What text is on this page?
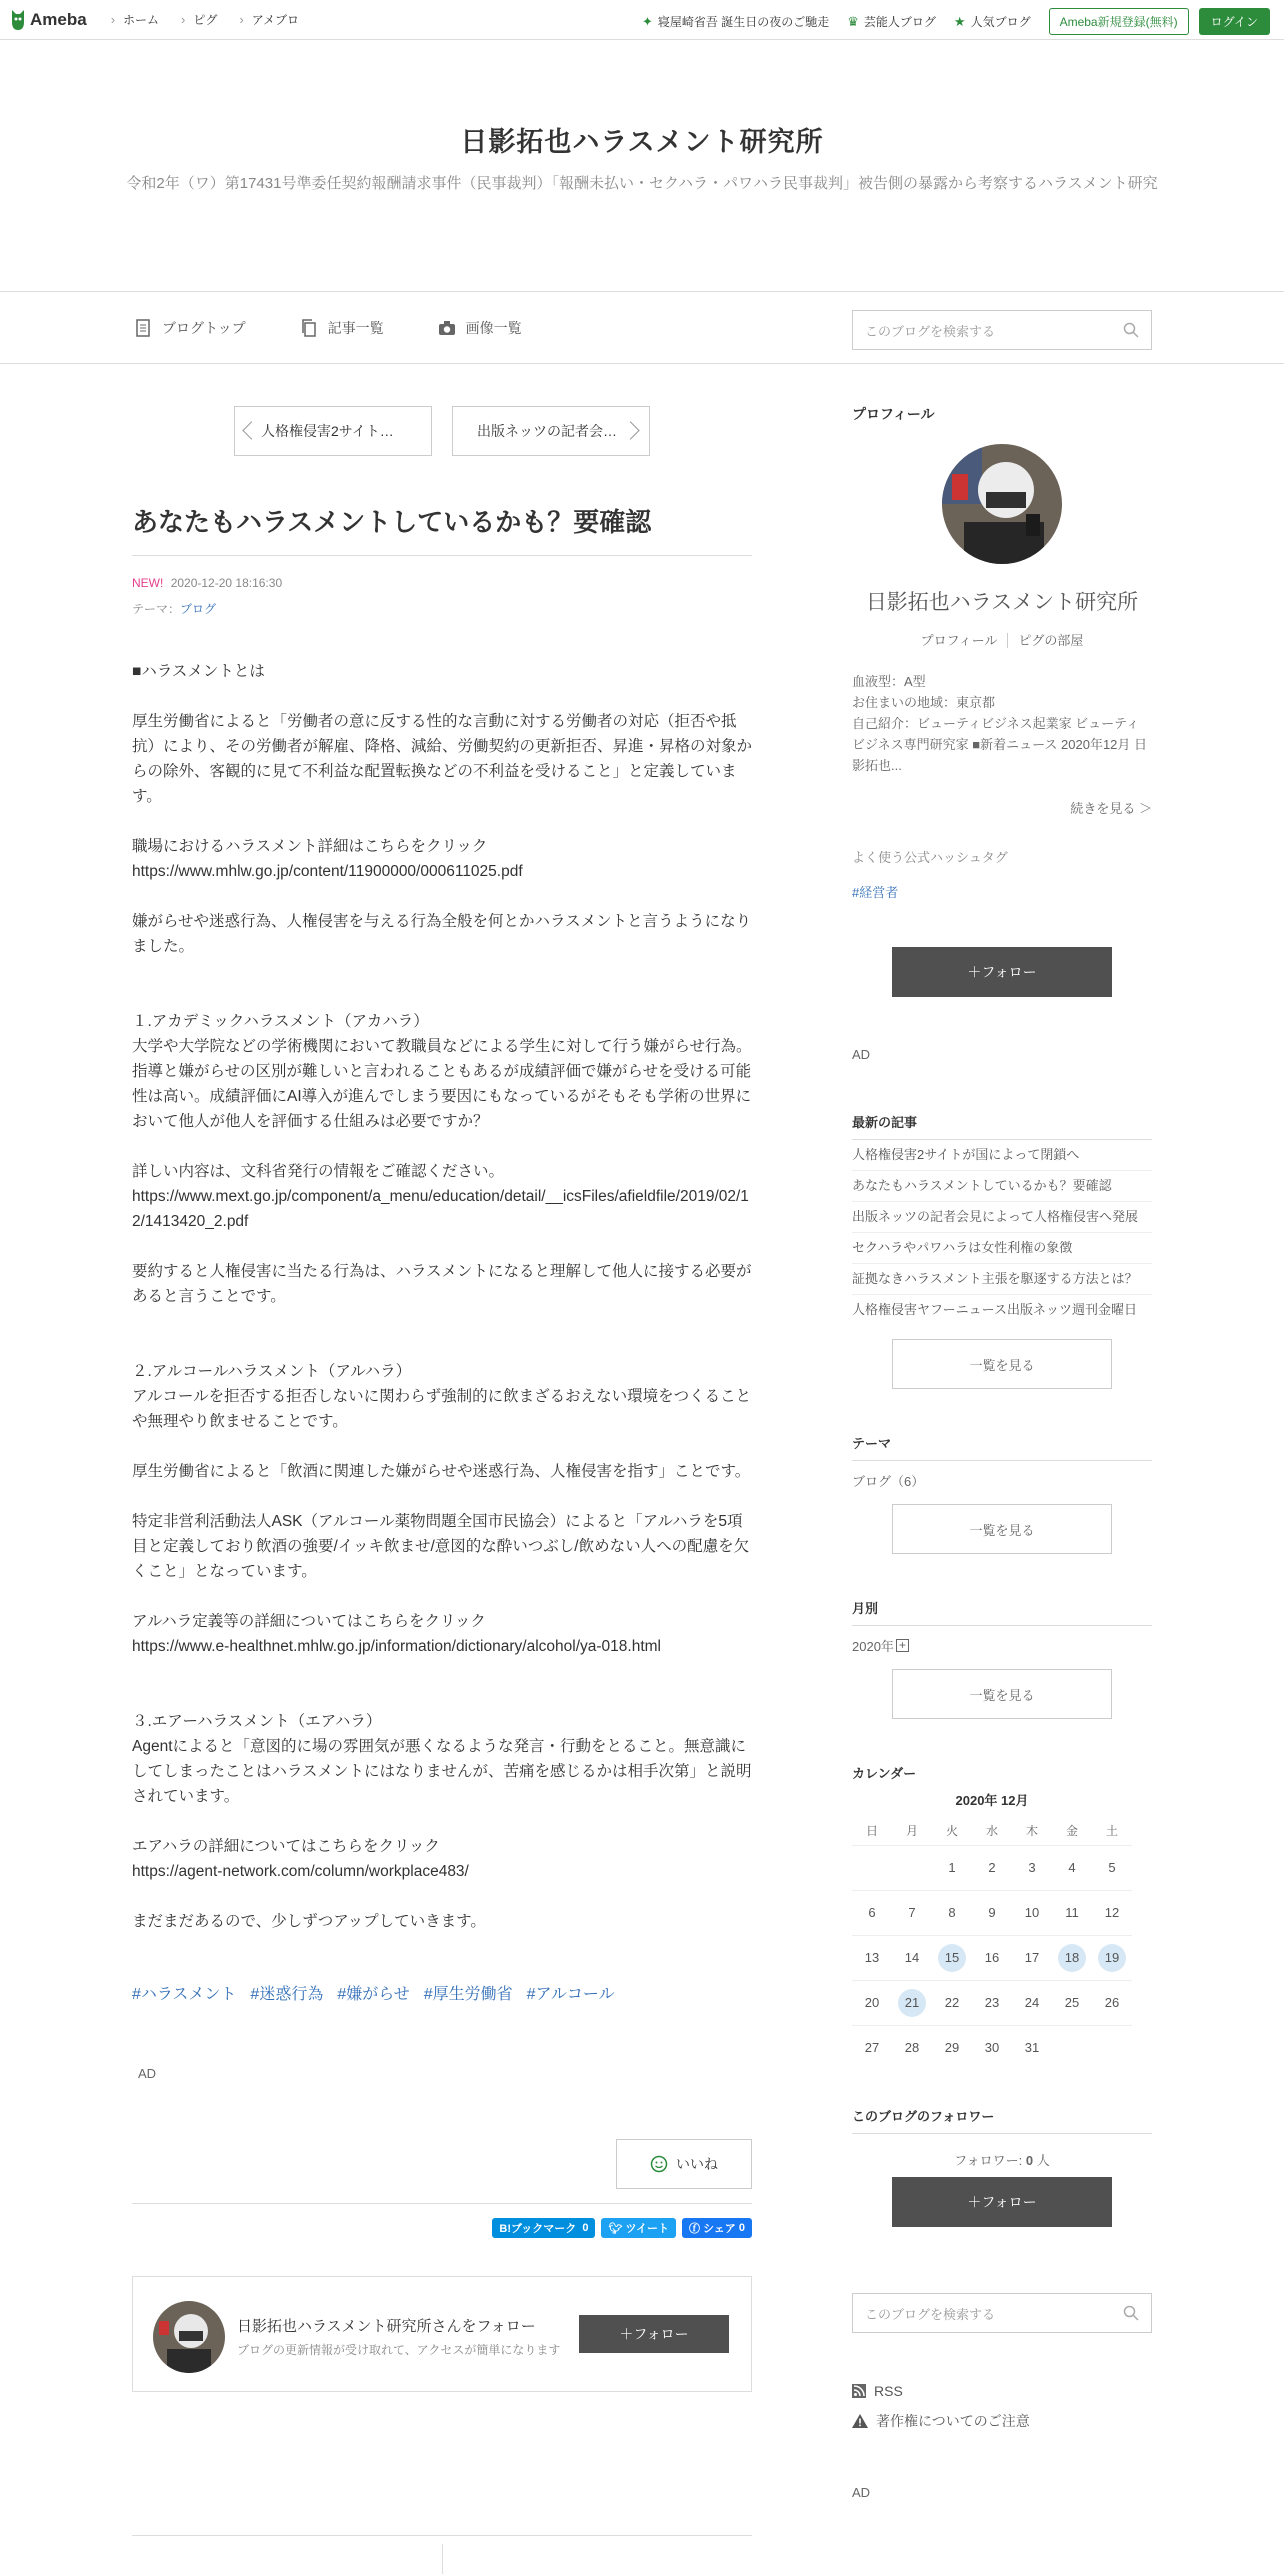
Ameba	› ホーム	› ピグ	› アメブロ	✦ 寝屋崎省吾 誕生日の夜のご馳走 ♛ 芸能人ブログ ★ 人気ブログ	Ameba新規登録(無料)	ログイン
日影拓也ハラスメント研究所

令和2年（ワ）第17431号準委任契約報酬請求事件（民事裁判）「報酬未払い・セクハラ・パワハラ民事裁判」被告側の暴露から考察するハラスメント研究

ブログトップ	記事一覧	画像一覧	このブログを検索する
人格権侵害2サイト…	出版ネッツの記者会…
あなたもハラスメントしているかも？要確認
NEW! 2020-12-20 18:16:30
テーマ：ブログ

■ハラスメントとは

厚生労働省によると「労働者の意に反する性的な言動に対する労働者の対応（拒否や抵抗）により、その労働者が解雇、降格、減給、労働契約の更新拒否、昇進・昇格の対象からの除外、客観的に見て不利益な配置転換などの不利益を受けること」と定義しています。

職場におけるハラスメント詳細はこちらをクリック
https://www.mhlw.go.jp/content/11900000/000611025.pdf

嫌がらせや迷惑行為、人権侵害を与える行為全般を何とかハラスメントと言うようになりました。

１.アカデミックハラスメント（アカハラ）
大学や大学院などの学術機関において教職員などによる学生に対して行う嫌がらせ行為。指導と嫌がらせの区別が難しいと言われることもあるが成績評価で嫌がらせを受ける可能性は高い。成績評価にAI導入が進んでしまう要因にもなっているがそもそも学術の世界において他人が他人を評価する仕組みは必要ですか？

詳しい内容は、文科省発行の情報をご確認ください。
https://www.mext.go.jp/component/a_menu/education/detail/__icsFiles/afieldfile/2019/02/12/1413420_2.pdf

要約すると人権侵害に当たる行為は、ハラスメントになると理解して他人に接する必要があると言うことです。

２.アルコールハラスメント（アルハラ）
アルコールを拒否する拒否しないに関わらず強制的に飲まざるおえない環境をつくることや無理やり飲ませることです。

厚生労働省によると「飲酒に関連した嫌がらせや迷惑行為、人権侵害を指す」ことです。

特定非営利活動法人ASK（アルコール薬物問題全国市民協会）によると「アルハラを5項目と定義しており飲酒の強要/イッキ飲ませ/意図的な酔いつぶし/飲めない人への配慮を欠くこと」となっています。

アルハラ定義等の詳細についてはこちらをクリック
https://www.e-healthnet.mhlw.go.jp/information/dictionary/alcohol/ya-018.html

３.エアーハラスメント（エアハラ）
Agentによると「意図的に場の雰囲気が悪くなるような発言・行動をとること。無意識にしてしまったことはハラスメントにはなりませんが、苦痛を感じるかは相手次第」と説明されています。

エアハラの詳細についてはこちらをクリック
https://agent-network.com/column/workplace483/

まだまだあるので、少しずつアップしていきます。

#ハラスメント #迷惑行為 #嫌がらせ #厚生労働省 #アルコール
AD
いいね
B!ブックマーク
0 🐦︎
ツイート ⓕ
シェア
0
日影拓也ハラスメント研究所さんをフォロー
ブログの更新情報が受け取れて、アクセスが簡単になります
＋ フォロー
プロフィール
日影拓也ハラスメント研究所
プロフィール ピグの部屋
血液型：A型
お住まいの地域：東京都
自己紹介：ビューティビジネス起業家 ビューティビジネス専門研究家 ■新着ニュース 2020年12月 日影拓也...
続きを見る ＞
よく使う公式ハッシュタグ
#経営者
＋ フォロー
AD
最新の記事
人格権侵害2サイトが国によって閉鎖へ
あなたもハラスメントしているかも？要確認
出版ネッツの記者会見によって人格権侵害へ発展
セクハラやパワハラは女性利権の象徴
証拠なきハラスメント主張を駆逐する方法とは？
人格権侵害ヤフーニュース出版ネッツ週刊金曜日
一覧を見る
テーマ
ブログ（6）
一覧を見る
月別
2020年 +
一覧を見る
カレンダー
2020年 12月
日	月	火	水	木	金	土
		1	2	3	4	5
6	7	8	9	10	11	12
13	14	15	16	17	18	19
20	21	22	23	24	25	26
27	28	29	30	31		
このブログのフォロワー
フォロワー: 0 人
＋ フォロー
このブログを検索する
RSS
著作権についてのご注意
AD
